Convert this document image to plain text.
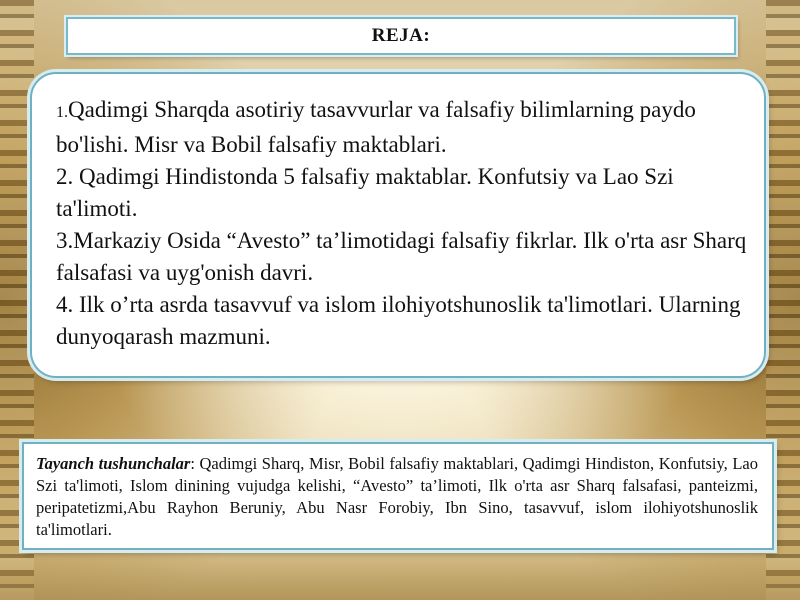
REJA:
1.Qadimgi Sharqda asotiriy tasavvurlar va falsafiy bilimlarning paydo bo'lishi. Misr va Bobil falsafiy maktablari.
2. Qadimgi Hindistonda 5 falsafiy maktablar. Konfutsiy va Lao Szi ta'limoti.
3.Markaziy Osida “Avesto” ta’limotidagi falsafiy fikrlar. Ilk o'rta asr Sharq falsafasi va uyg'onish davri.
4. Ilk o’rta asrda tasavvuf va islom ilohiyotshunoslik ta'limotlari. Ularning dunyoqarash mazmuni.

Tayanch tushunchalar: Qadimgi Sharq, Misr, Bobil falsafiy maktablari, Qadimgi Hindiston, Konfutsiy, Lao Szi ta'limoti, Islom dinining vujudga kelishi, “Avesto” ta’limoti, Ilk o'rta asr Sharq falsafasi, panteizmi, peripatetizmi,Abu Rayhon Beruniy, Abu Nasr Forobiy, Ibn Sino, tasavvuf, islom ilohiyotshunoslik ta'limotlari.
